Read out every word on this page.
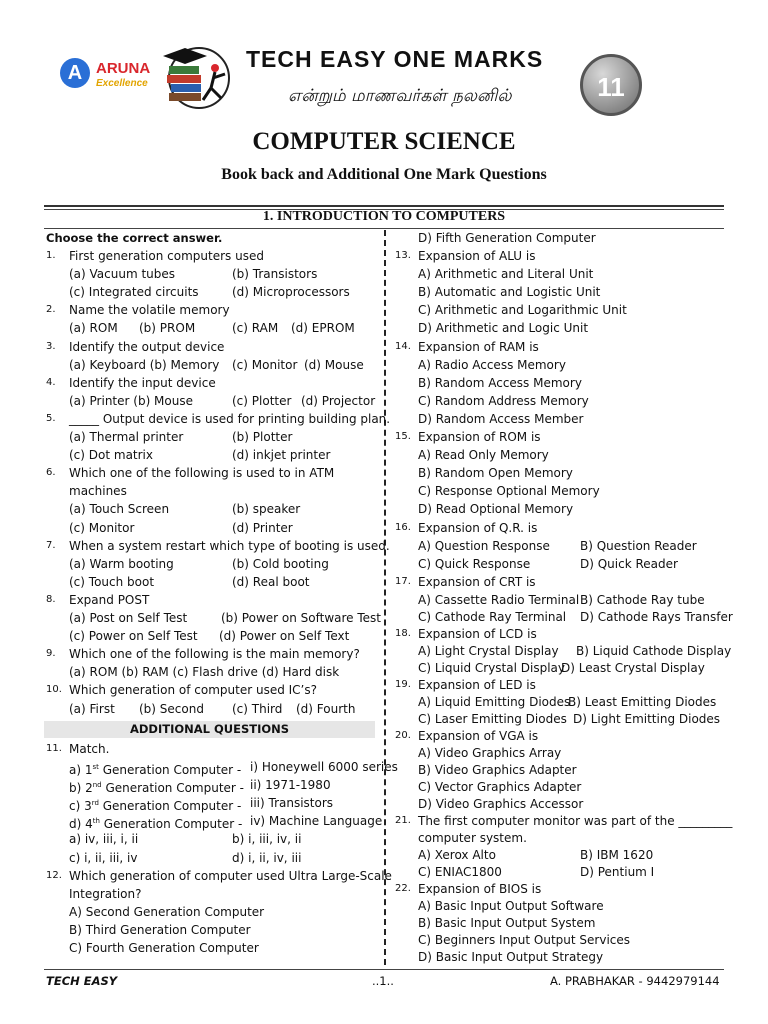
A ARUNA
Excellence
TECH EASY ONE MARKS
என்றும் மாணவர்கள் நலனில்	11
COMPUTER SCIENCE
Book back and Additional One Mark Questions
1. INTRODUCTION TO COMPUTERS
Choose the correct answer.
1. First generation computers used
(a) Vacuum tubes	(b) Transistors
(c) Integrated circuits	(d) Microprocessors
2. Name the volatile memory
(a) ROM (b) PROM	(c) RAM (d) EPROM
3. Identify the output device
(a) Keyboard (b) Memory (c) Monitor (d) Mouse
4. Identify the input device
(a) Printer (b) Mouse	(c) Plotter (d) Projector
5. _____ Output device is used for printing building plan.
(a) Thermal printer	(b) Plotter
(c) Dot matrix	(d) inkjet printer
6. Which one of the following is used to in ATM
machines
(a) Touch Screen	(b) speaker
(c) Monitor	(d) Printer
7. When a system restart which type of booting is used.
(a) Warm booting	(b) Cold booting
(c) Touch boot	(d) Real boot
8. Expand POST
(a) Post on Self Test	(b) Power on Software Test
(c) Power on Self Test (d) Power on Self Text
9. Which one of the following is the main memory?
(a) ROM (b) RAM (c) Flash drive (d) Hard disk
10. Which generation of computer used IC’s?
(a) First (b) Second (c) Third (d) Fourth
ADDITIONAL QUESTIONS
11. Match.
a) 1st Generation Computer - i) Honeywell 6000 series
b) 2nd Generation Computer - ii) 1971-1980
c) 3rd Generation Computer - iii) Transistors
d) 4th Generation Computer - iv) Machine Language
a) iv, iii, i, ii	b) i, iii, iv, ii
c) i, ii, iii, iv	d) i, ii, iv, iii
12. Which generation of computer used Ultra Large-Scale
Integration?
A) Second Generation Computer
B) Third Generation Computer
C) Fourth Generation Computer
D) Fifth Generation Computer
13. Expansion of ALU is
A) Arithmetic and Literal Unit
B) Automatic and Logistic Unit
C) Arithmetic and Logarithmic Unit
D) Arithmetic and Logic Unit
14. Expansion of RAM is
A) Radio Access Memory
B) Random Access Memory
C) Random Address Memory
D) Random Access Member
15. Expansion of ROM is
A) Read Only Memory
B) Random Open Memory
C) Response Optional Memory
D) Read Optional Memory
16. Expansion of Q.R. is
A) Question Response	B) Question Reader
C) Quick Response	D) Quick Reader
17. Expansion of CRT is
A) Cassette Radio Terminal B) Cathode Ray tube
C) Cathode Ray Terminal D) Cathode Rays Transfer
18. Expansion of LCD is
A) Light Crystal Display B) Liquid Cathode Display
C) Liquid Crystal Display
D) Least Crystal Display
19. Expansion of LED is
A) Liquid Emitting Diodes
B) Least Emitting Diodes
C) Laser Emitting Diodes D) Light Emitting Diodes
20. Expansion of VGA is
A) Video Graphics Array
B) Video Graphics Adapter
C) Vector Graphics Adapter
D) Video Graphics Accessor
21. The first computer monitor was part of the _________
computer system.
A) Xerox Alto	B) IBM 1620
C) ENIAC1800	D) Pentium I
22. Expansion of BIOS is
A) Basic Input Output Software
B) Basic Input Output System
C) Beginners Input Output Services
D) Basic Input Output Strategy
TECH EASY	..1..	A. PRABHAKAR - 9442979144
